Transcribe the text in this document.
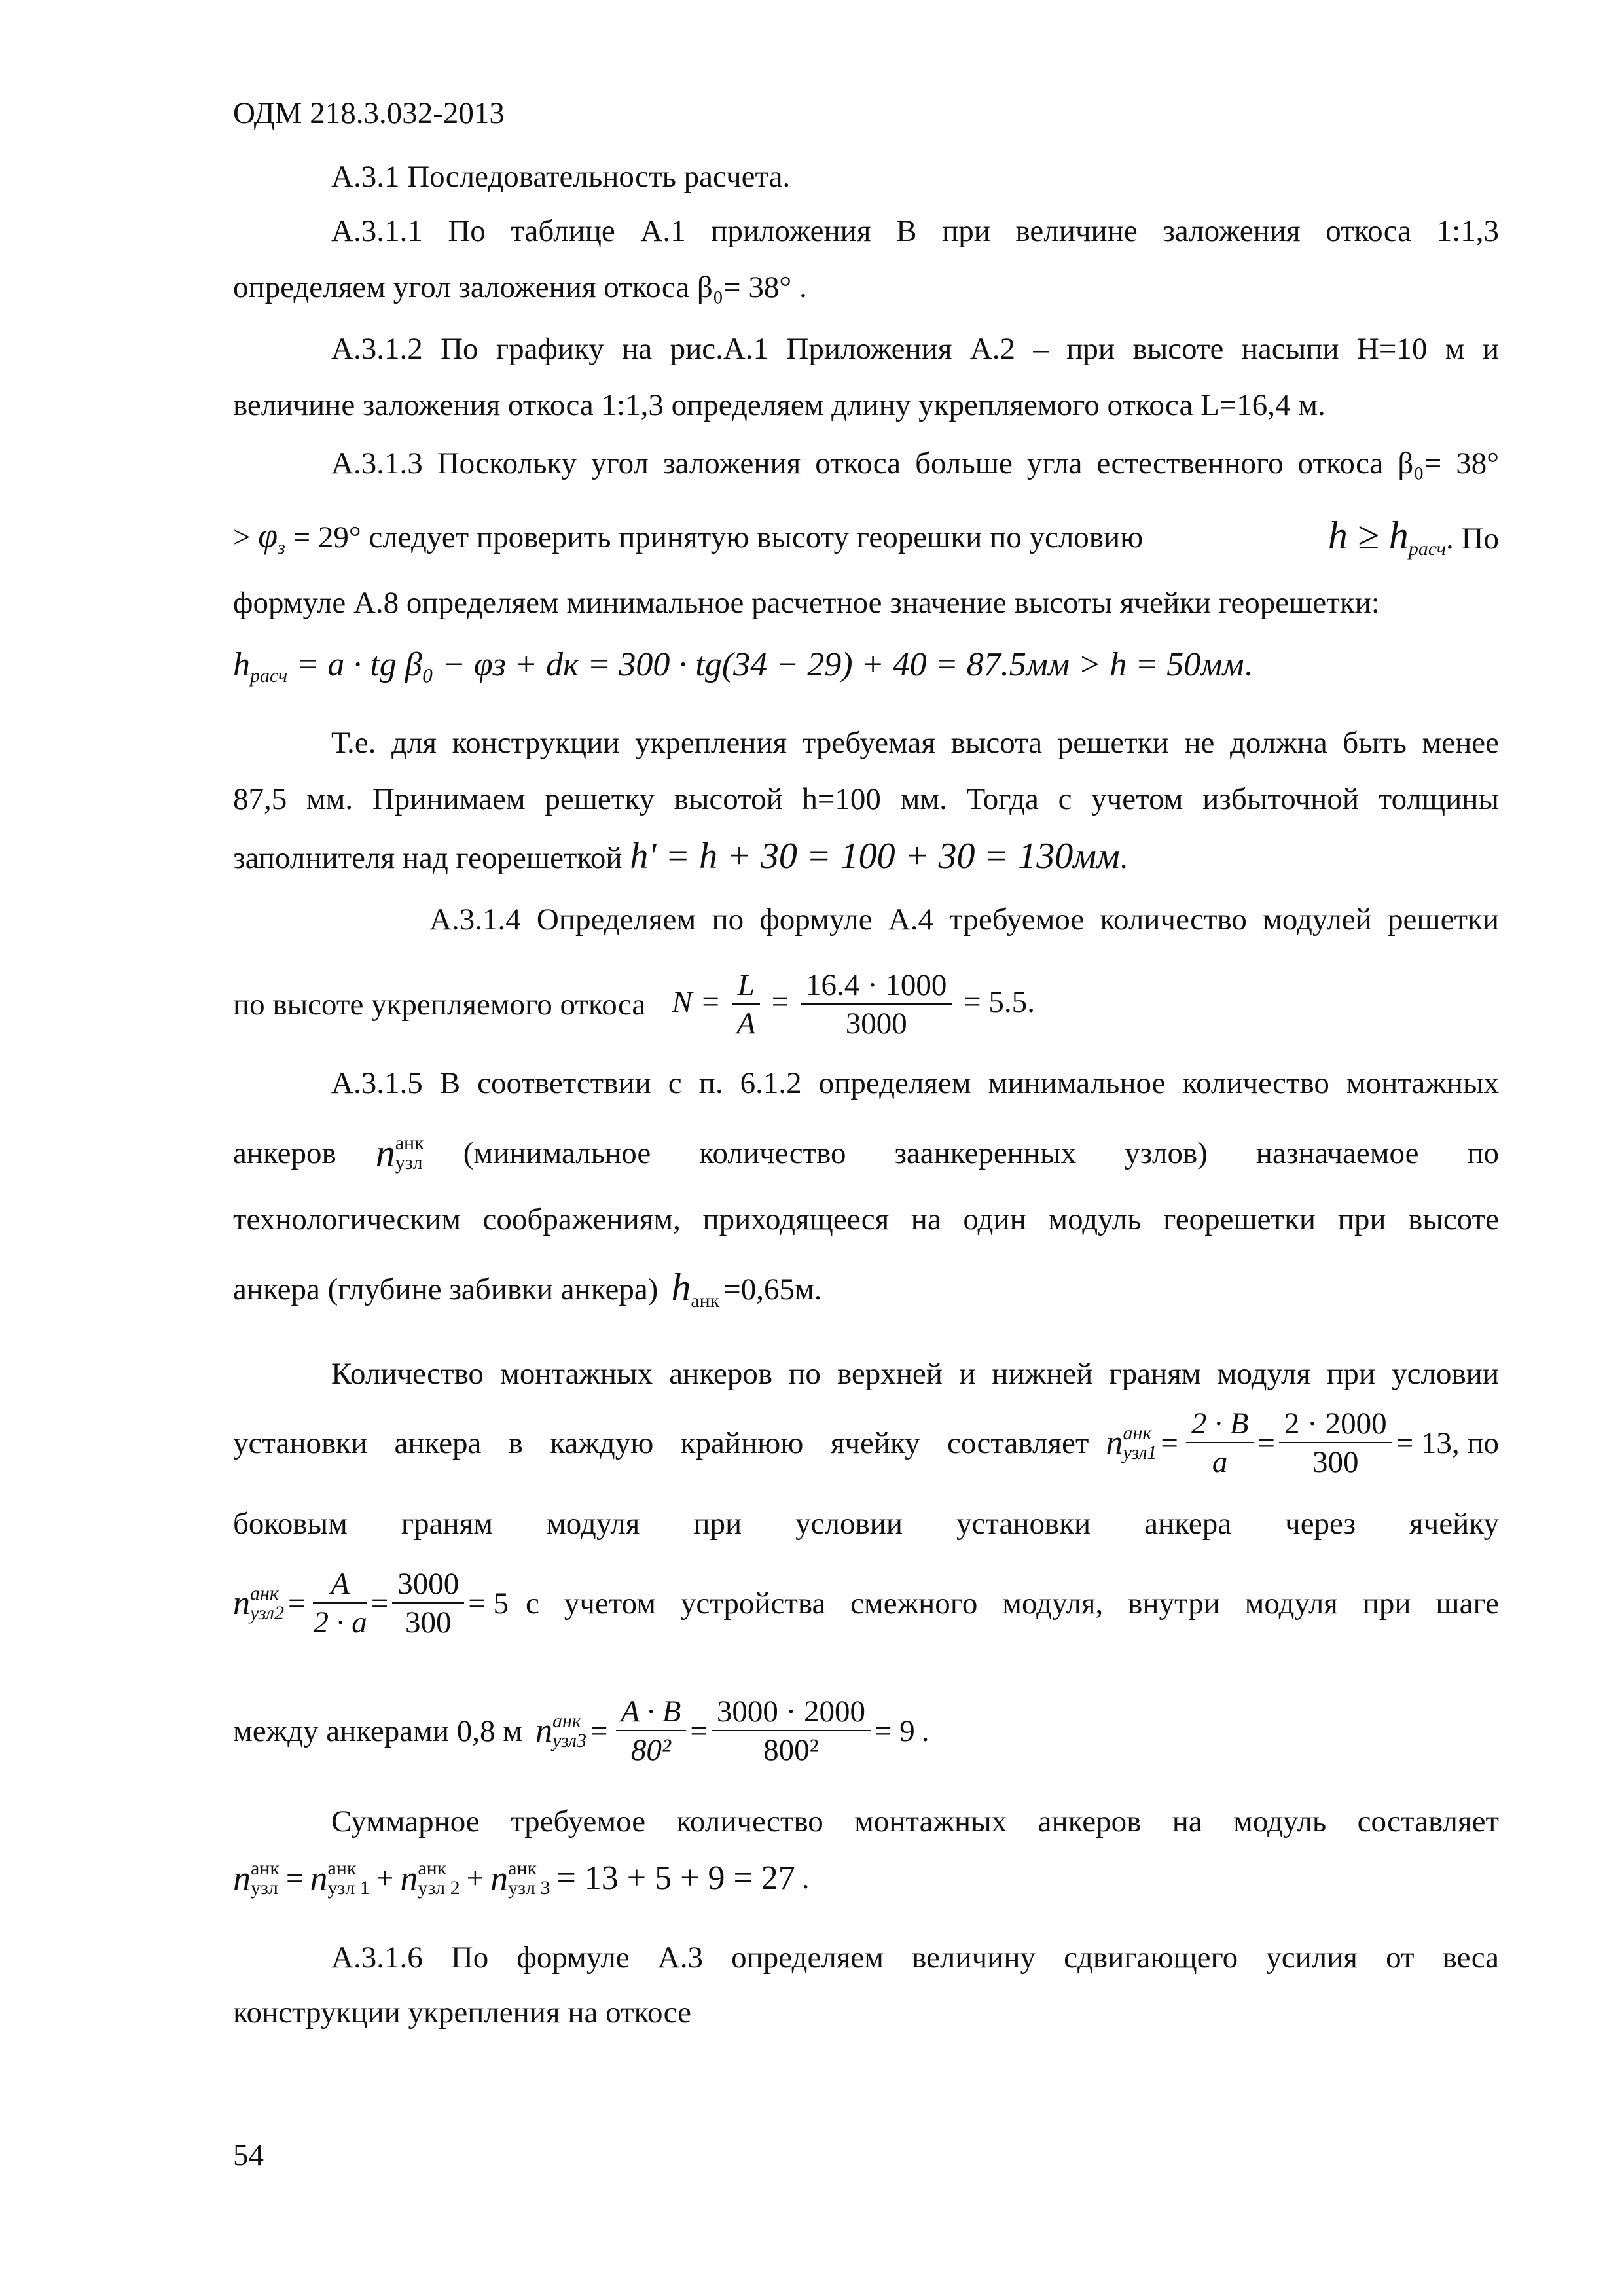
ОДМ 218.3.032-2013
А.3.1 Последовательность расчета.
А.3.1.1 По таблице А.1 приложения В при величине заложения откоса 1:1,3
определяем угол заложения откоса β₀= 38° .
А.3.1.2 По графику на рис.А.1 Приложения А.2 – при высоте насыпи Н=10 м и
величине заложения откоса 1:1,3 определяем длину укрепляемого откоса L=16,4 м.
А.3.1.3 Поскольку угол заложения откоса больше угла естественного откоса β₀= 38°
> $\varphi_з = 29^\circ$ следует проверить принятую высоту георешки по условию	$h \ge h_{расч}$. По
формуле А.8 определяем минимальное расчетное значение высоты ячейки георешетки:
$h_{расч} = a$ · tg β₀ − φз + dк = 300 · tg(34 − 29) + 40 = 87.5мм > h = 50мм.
Т.е. для конструкции укрепления требуемая высота решетки не должна быть менее
87,5 мм. Принимаем решетку высотой h=100 мм. Тогда с учетом избыточной толщины
заполнителя над георешеткой h' = h + 30 = 100 + 30 = 130мм.
А.3.1.4 Определяем по формуле А.4 требуемое количество модулей решетки
по высоте укрепляемого откоса $N = \frac{L}{A} = \frac{16.4 \cdot 1000}{3000} = 5.5$.
А.3.1.5 В соответствии с п. 6.1.2 определяем минимальное количество монтажных
анкеров n анк
узл (минимальное количество заанкеренных узлов) назначаемое по
технологическим соображениям, приходящееся на один модуль георешетки при высоте
анкера (глубине забивки анкера) $h_{анк} =0,65м$.
Количество монтажных анкеров по верхней и нижней граням модуля при условии
установки анкера в каждую крайнюю ячейку составляет n анк
$узл1 = \frac{2 \cdot B}{a} = \frac{2 \cdot 2000}{300} = 13$ , по
боковым граням модуля при условии установки анкера через ячейку
n анк
$узл2 = \frac{A}{2 \cdot a} = \frac{3000}{300} = 5$ с учетом устройства смежного модуля, внутри модуля при шаге
между анкерами 0,8 м n анк
$узл3 = \frac{A \cdot B}{\text{80²}} = \frac{3000 \cdot 2000}{\text{800²}} = 9$ .
Суммарное требуемое количество монтажных анкеров на модуль составляет
n анк
узл = n анк
узл 1 + n анк
узл 2 + n анк
узл 3 = 13 + 5 + 9 = 27 .
А.3.1.6 По формуле А.3 определяем величину сдвигающего усилия от веса
конструкции укрепления на откосе
54
